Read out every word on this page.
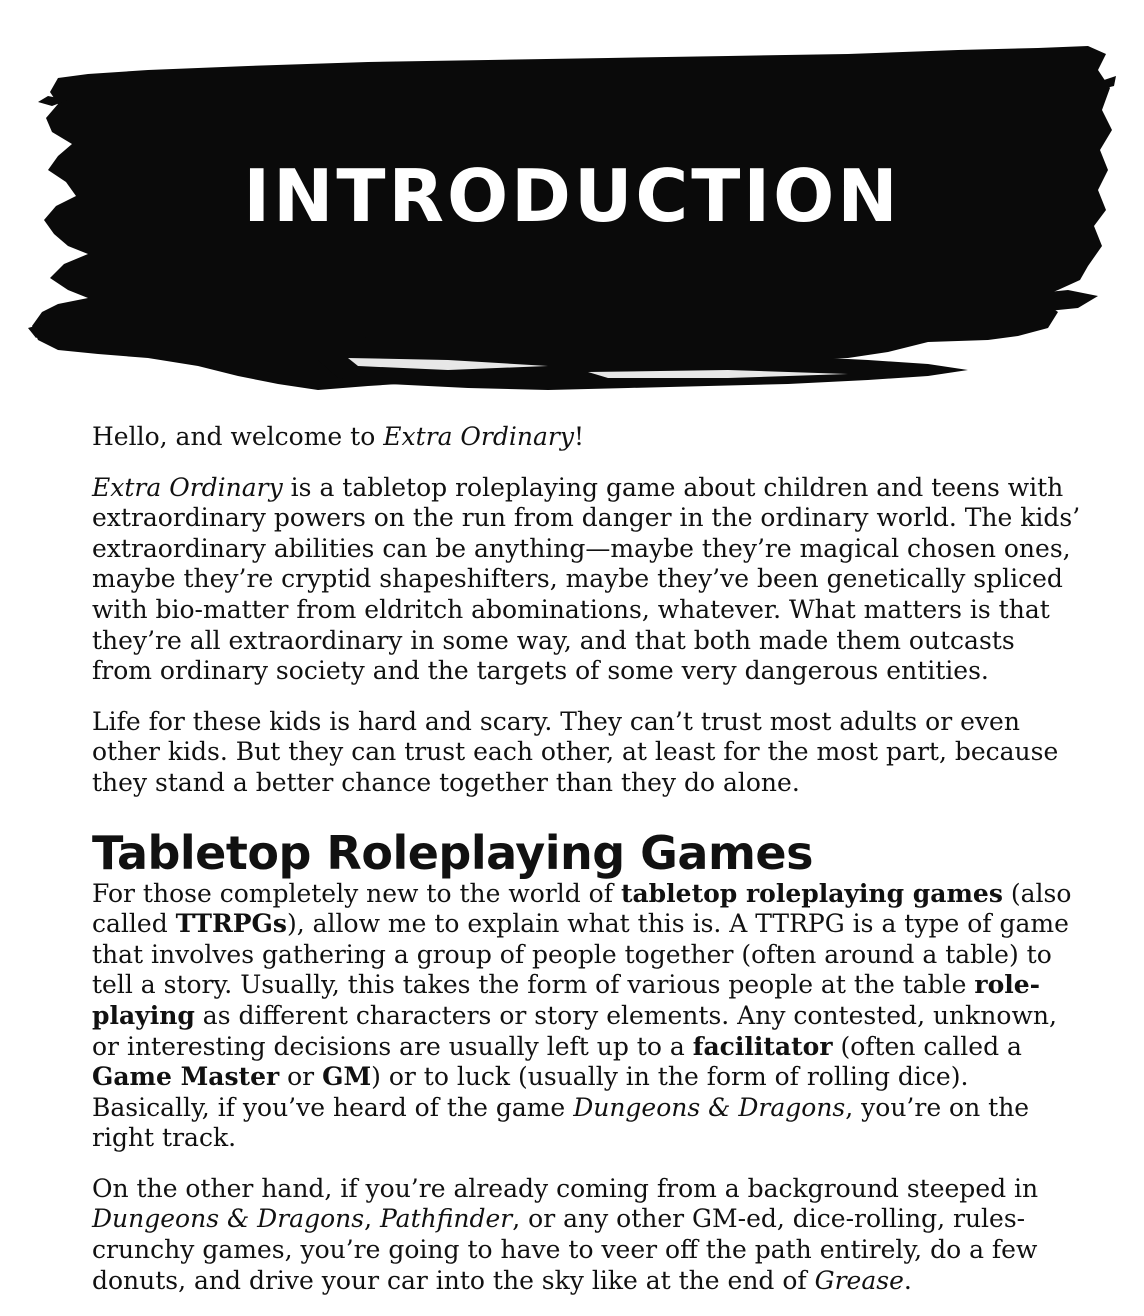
INTRODUCTION

Hello, and welcome to Extra Ordinary!

Extra Ordinary is a tabletop roleplaying game about children and teens with extraordinary powers on the run from danger in the ordinary world. The kids’ extraordinary abilities can be anything—maybe they’re magical chosen ones, maybe they’re cryptid shapeshifters, maybe they’ve been genetically spliced with bio-matter from eldritch abominations, whatever. What matters is that they’re all extraordinary in some way, and that both made them outcasts from ordinary society and the targets of some very dangerous entities.

Life for these kids is hard and scary. They can’t trust most adults or even other kids. But they can trust each other, at least for the most part, because they stand a better chance together than they do alone.

Tabletop Roleplaying Games

For those completely new to the world of tabletop roleplaying games (also called TTRPGs), allow me to explain what this is. A TTRPG is a type of game that involves gathering a group of people together (often around a table) to tell a story. Usually, this takes the form of various people at the table role-playing as different characters or story elements. Any contested, unknown, or interesting decisions are usually left up to a facilitator (often called a Game Master or GM) or to luck (usually in the form of rolling dice). Basically, if you’ve heard of the game Dungeons & Dragons, you’re on the right track.

On the other hand, if you’re already coming from a background steeped in Dungeons & Dragons, Pathfinder, or any other GM-ed, dice-rolling, rules-crunchy games, you’re going to have to veer off the path entirely, do a few donuts, and drive your car into the sky like at the end of Grease.
